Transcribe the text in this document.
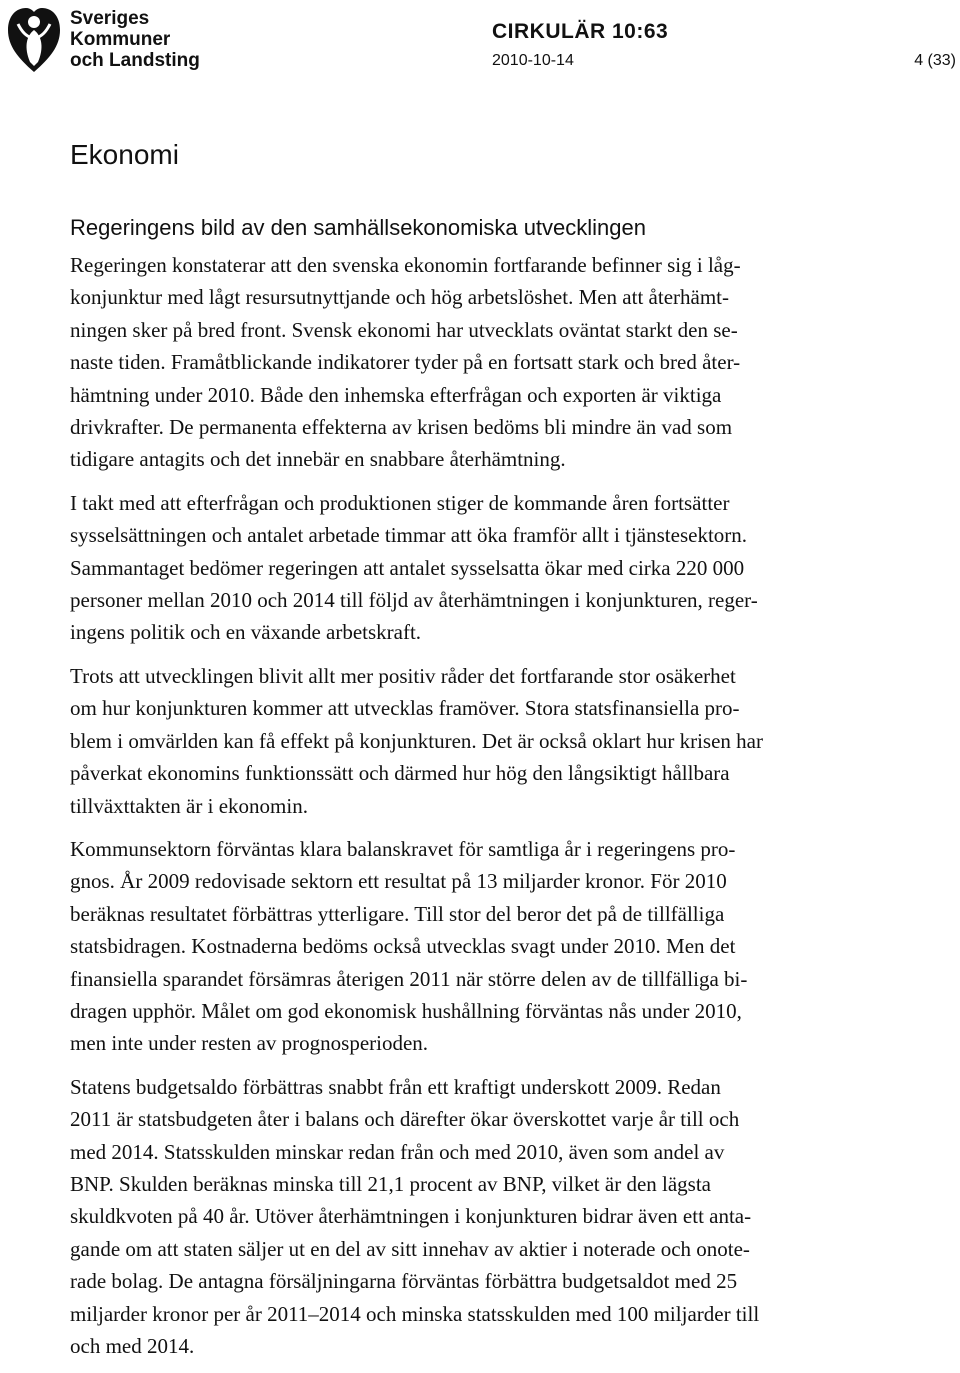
Sveriges
Kommuner
och Landsting
CIRKULÄR 10:63
2010-10-14	4 (33)
Ekonomi
Regeringens bild av den samhällsekonomiska utvecklingen
Regeringen konstaterar att den svenska ekonomin fortfarande befinner sig i låg-
konjunktur med lågt resursutnyttjande och hög arbetslöshet. Men att återhämt-
ningen sker på bred front. Svensk ekonomi har utvecklats oväntat starkt den se-
naste tiden. Framåtblickande indikatorer tyder på en fortsatt stark och bred åter-
hämtning under 2010. Både den inhemska efterfrågan och exporten är viktiga
drivkrafter. De permanenta effekterna av krisen bedöms bli mindre än vad som
tidigare antagits och det innebär en snabbare återhämtning.
I takt med att efterfrågan och produktionen stiger de kommande åren fortsätter
sysselsättningen och antalet arbetade timmar att öka framför allt i tjänstesektorn.
Sammantaget bedömer regeringen att antalet sysselsatta ökar med cirka 220 000
personer mellan 2010 och 2014 till följd av återhämtningen i konjunkturen, reger-
ingens politik och en växande arbetskraft.
Trots att utvecklingen blivit allt mer positiv råder det fortfarande stor osäkerhet
om hur konjunkturen kommer att utvecklas framöver. Stora statsfinansiella pro-
blem i omvärlden kan få effekt på konjunkturen. Det är också oklart hur krisen har
påverkat ekonomins funktionssätt och därmed hur hög den långsiktigt hållbara
tillväxttakten är i ekonomin.
Kommunsektorn förväntas klara balanskravet för samtliga år i regeringens pro-
gnos. År 2009 redovisade sektorn ett resultat på 13 miljarder kronor. För 2010
beräknas resultatet förbättras ytterligare. Till stor del beror det på de tillfälliga
statsbidragen. Kostnaderna bedöms också utvecklas svagt under 2010. Men det
finansiella sparandet försämras återigen 2011 när större delen av de tillfälliga bi-
dragen upphör. Målet om god ekonomisk hushållning förväntas nås under 2010,
men inte under resten av prognosperioden.
Statens budgetsaldo förbättras snabbt från ett kraftigt underskott 2009. Redan
2011 är statsbudgeten åter i balans och därefter ökar överskottet varje år till och
med 2014. Statsskulden minskar redan från och med 2010, även som andel av
BNP. Skulden beräknas minska till 21,1 procent av BNP, vilket är den lägsta
skuldkvoten på 40 år. Utöver återhämtningen i konjunkturen bidrar även ett anta-
gande om att staten säljer ut en del av sitt innehav av aktier i noterade och onote-
rade bolag. De antagna försäljningarna förväntas förbättra budgetsaldot med 25
miljarder kronor per år 2011–2014 och minska statsskulden med 100 miljarder till
och med 2014.
